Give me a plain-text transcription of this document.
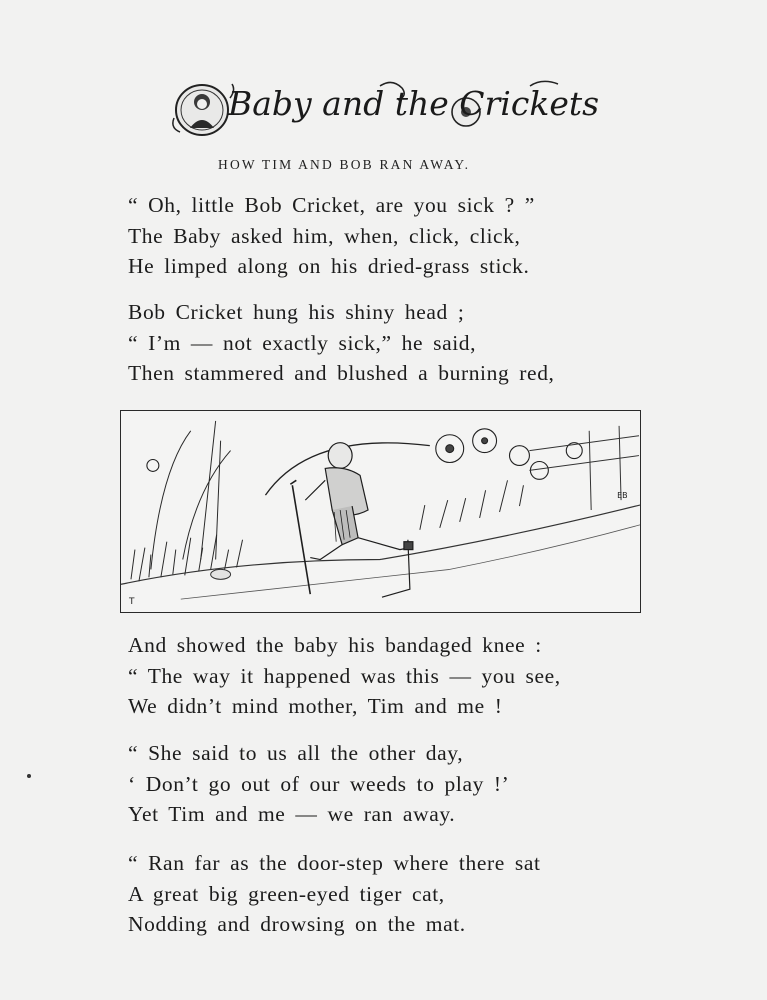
Baby and the Crickets
HOW TIM AND BOB RAN AWAY.
“ Oh, little Bob Cricket, are you sick ? ”
The Baby asked him, when, click, click,
He limped along on his dried-grass stick.
Bob Cricket hung his shiny head ;
“ I’m — not exactly sick,” he said,
Then stammered and blushed a burning red,
T
EB
And showed the baby his bandaged knee :
“ The way it happened was this — you see,
We didn’t mind mother, Tim and me !
“ She said to us all the other day,
‘ Don’t go out of our weeds to play !’
Yet Tim and me — we ran away.
“ Ran far as the door-step where there sat
A great big green-eyed tiger cat,
Nodding and drowsing on the mat.
